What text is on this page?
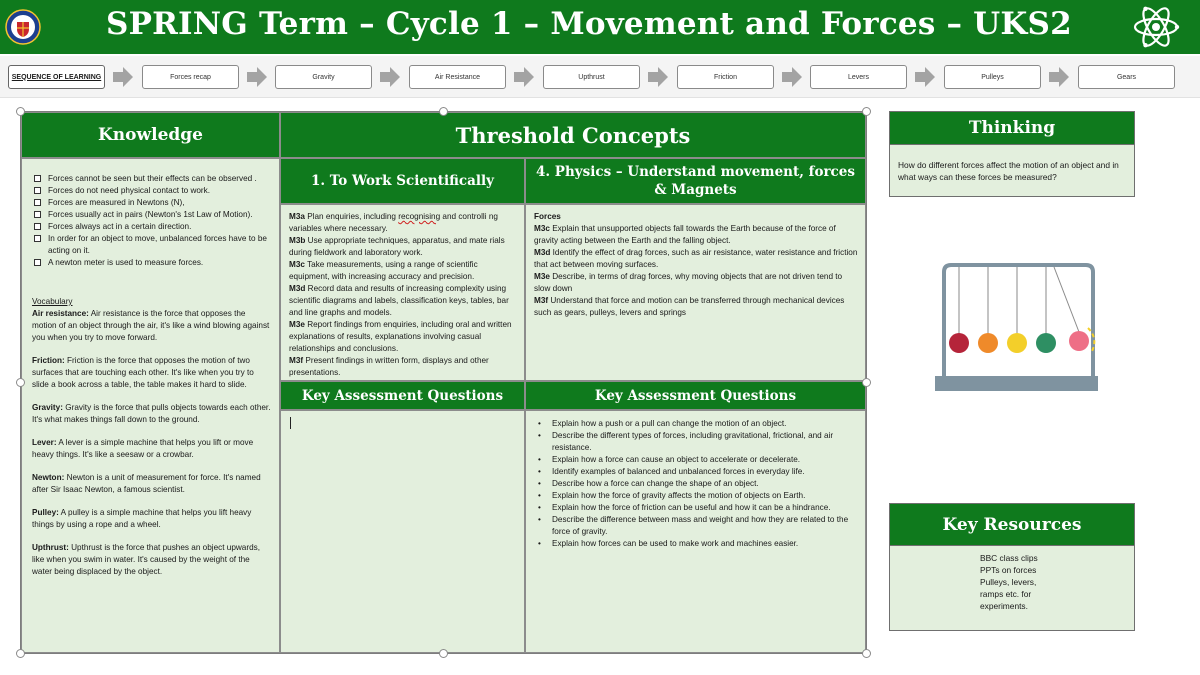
SPRING Term – Cycle 1 – Movement and Forces – UKS2
SEQUENCE OF LEARNING	Forces recap	Gravity	Air Resistance	Upthrust	Friction	Levers	Pulleys	Gears
Knowledge	Threshold Concepts
Forces cannot be seen but their effects can be observed .
Forces do not need physical contact to work.
Forces are measured in Newtons (N),
Forces usually act in pairs (Newton's 1st Law of Motion).
Forces always act in a certain direction.
In order for an object to move, unbalanced forces have to be acting on it.
A newton meter is used to measure forces.
Vocabulary
Air resistance: Air resistance is the force that opposes the motion of an object through the air, it's like a wind blowing against you when you try to move forward.
Friction: Friction is the force that opposes the motion of two surfaces that are touching each other. It's like when you try to slide a book across a table, the table makes it hard to slide.
Gravity: Gravity is the force that pulls objects towards each other. It's what makes things fall down to the ground.
Lever: A lever is a simple machine that helps you lift or move heavy things. It's like a seesaw or a crowbar.
Newton: Newton is a unit of measurement for force. It's named after Sir Isaac Newton, a famous scientist.
Pulley: A pulley is a simple machine that helps you lift heavy things by using a rope and a wheel.
Upthrust: Upthrust is the force that pushes an object upwards, like when you swim in water. It's caused by the weight of the water being displaced by the object.
1. To Work Scientifically
4. Physics – Understand movement, forces & Magnets
M3a Plan enquiries, including recognising and controlli ng variables where necessary.
M3b Use appropriate techniques, apparatus, and mate rials during fieldwork and laboratory work.
M3c Take measurements, using a range of scientific equipment, with increasing accuracy and precision.
M3d Record data and results of increasing complexity using scientific diagrams and labels, classification keys, tables, bar and line graphs and models.
M3e Report findings from enquiries, including oral and written explanations of results, explanations involving casual relationships and conclusions.
M3f Present findings in written form, displays and other presentations.
Forces
M3c Explain that unsupported objects fall towards the Earth because of the force of gravity acting between the Earth and the falling object.
M3d Identify the effect of drag forces, such as air resistance, water resistance and friction that act between moving surfaces.
M3e Describe, in terms of drag forces, why moving objects that are not driven tend to slow down
M3f Understand that force and motion can be transferred through mechanical devices such as gears, pulleys, levers and springs
Key Assessment Questions	Key Assessment Questions
• Explain how a push or a pull can change the motion of an object.
• Describe the different types of forces, including gravitational, frictional, and air resistance.
• Explain how a force can cause an object to accelerate or decelerate.
• Identify examples of balanced and unbalanced forces in everyday life.
• Describe how a force can change the shape of an object.
• Explain how the force of gravity affects the motion of objects on Earth.
• Explain how the force of friction can be useful and how it can be a hindrance.
• Describe the difference between mass and weight and how they are related to the force of gravity.
• Explain how forces can be used to make work and machines easier.
Thinking
How do different forces affect the motion of an object and in what ways can these forces be measured?
Key Resources
BBC class clips
PPTs on forces
Pulleys, levers,
ramps etc. for
experiments.
